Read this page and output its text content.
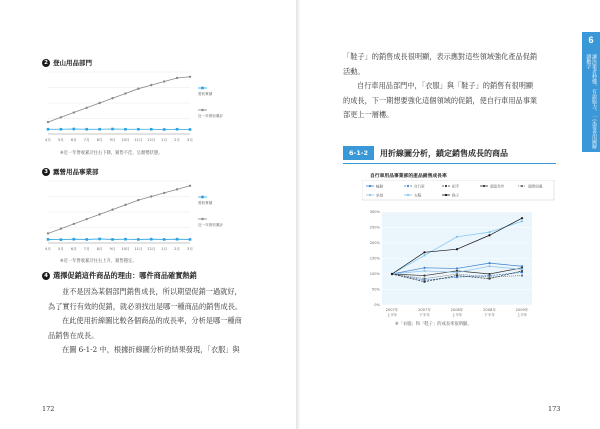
2 登山用品部門
4月 5月 6月 7月 8月 9月 10月 11月 12月 1月 2月 3月
營收實績
近一年營收累計
※近一年營收累計往右下降，銷售不佳，呈頹勢狀態。
3 露營用品事業部
4月 5月 6月 7月 8月 9月 10月 11月 12月 1月 2月 3月
營收實績
近一年營收累計
※近一年營收累計往右上升，銷售穩定。
4 選擇促銷這件商品的理由：哪件商品確實熱銷
並不是因為某個部門銷售成長，所以期望促銷一過就好，
為了實行有效的促銷，就必須找出是哪一種商品的銷售成長。
在此使用折線圖比較各個商品的成長率，分析是哪一種商
品銷售在成長。
在圖 6-1-2 中，根據折線圖分析的結果發現，「衣服」與
172
「鞋子」的銷售成長很明顯，表示應對這些領域強化產品促銷
活動。
自行車用品部門中，「衣服」與「鞋子」的銷售有很明顯
的成長，下一期想要強化這個領域的促銷，使自行車用品事業
部更上一層樓。
6-1-2	用折線圖分析，鎖定銷售成長的商品
自行車用品事業部的產品銷售成長率
輪胎	自行車	把手	頭盔零件	頭燈周邊
坐墊	衣服	鞋子
0%
50%
100%
150%
200%
250%
300%
2007年
上半年
2007年
下半年
2008年
上半年
2008年
下半年
2009年
上半年
※「衣服」和「鞋子」的成長率很明顯。
173
6
讓決策者秒懂，有說服力，一定要善用圖解讀數字
